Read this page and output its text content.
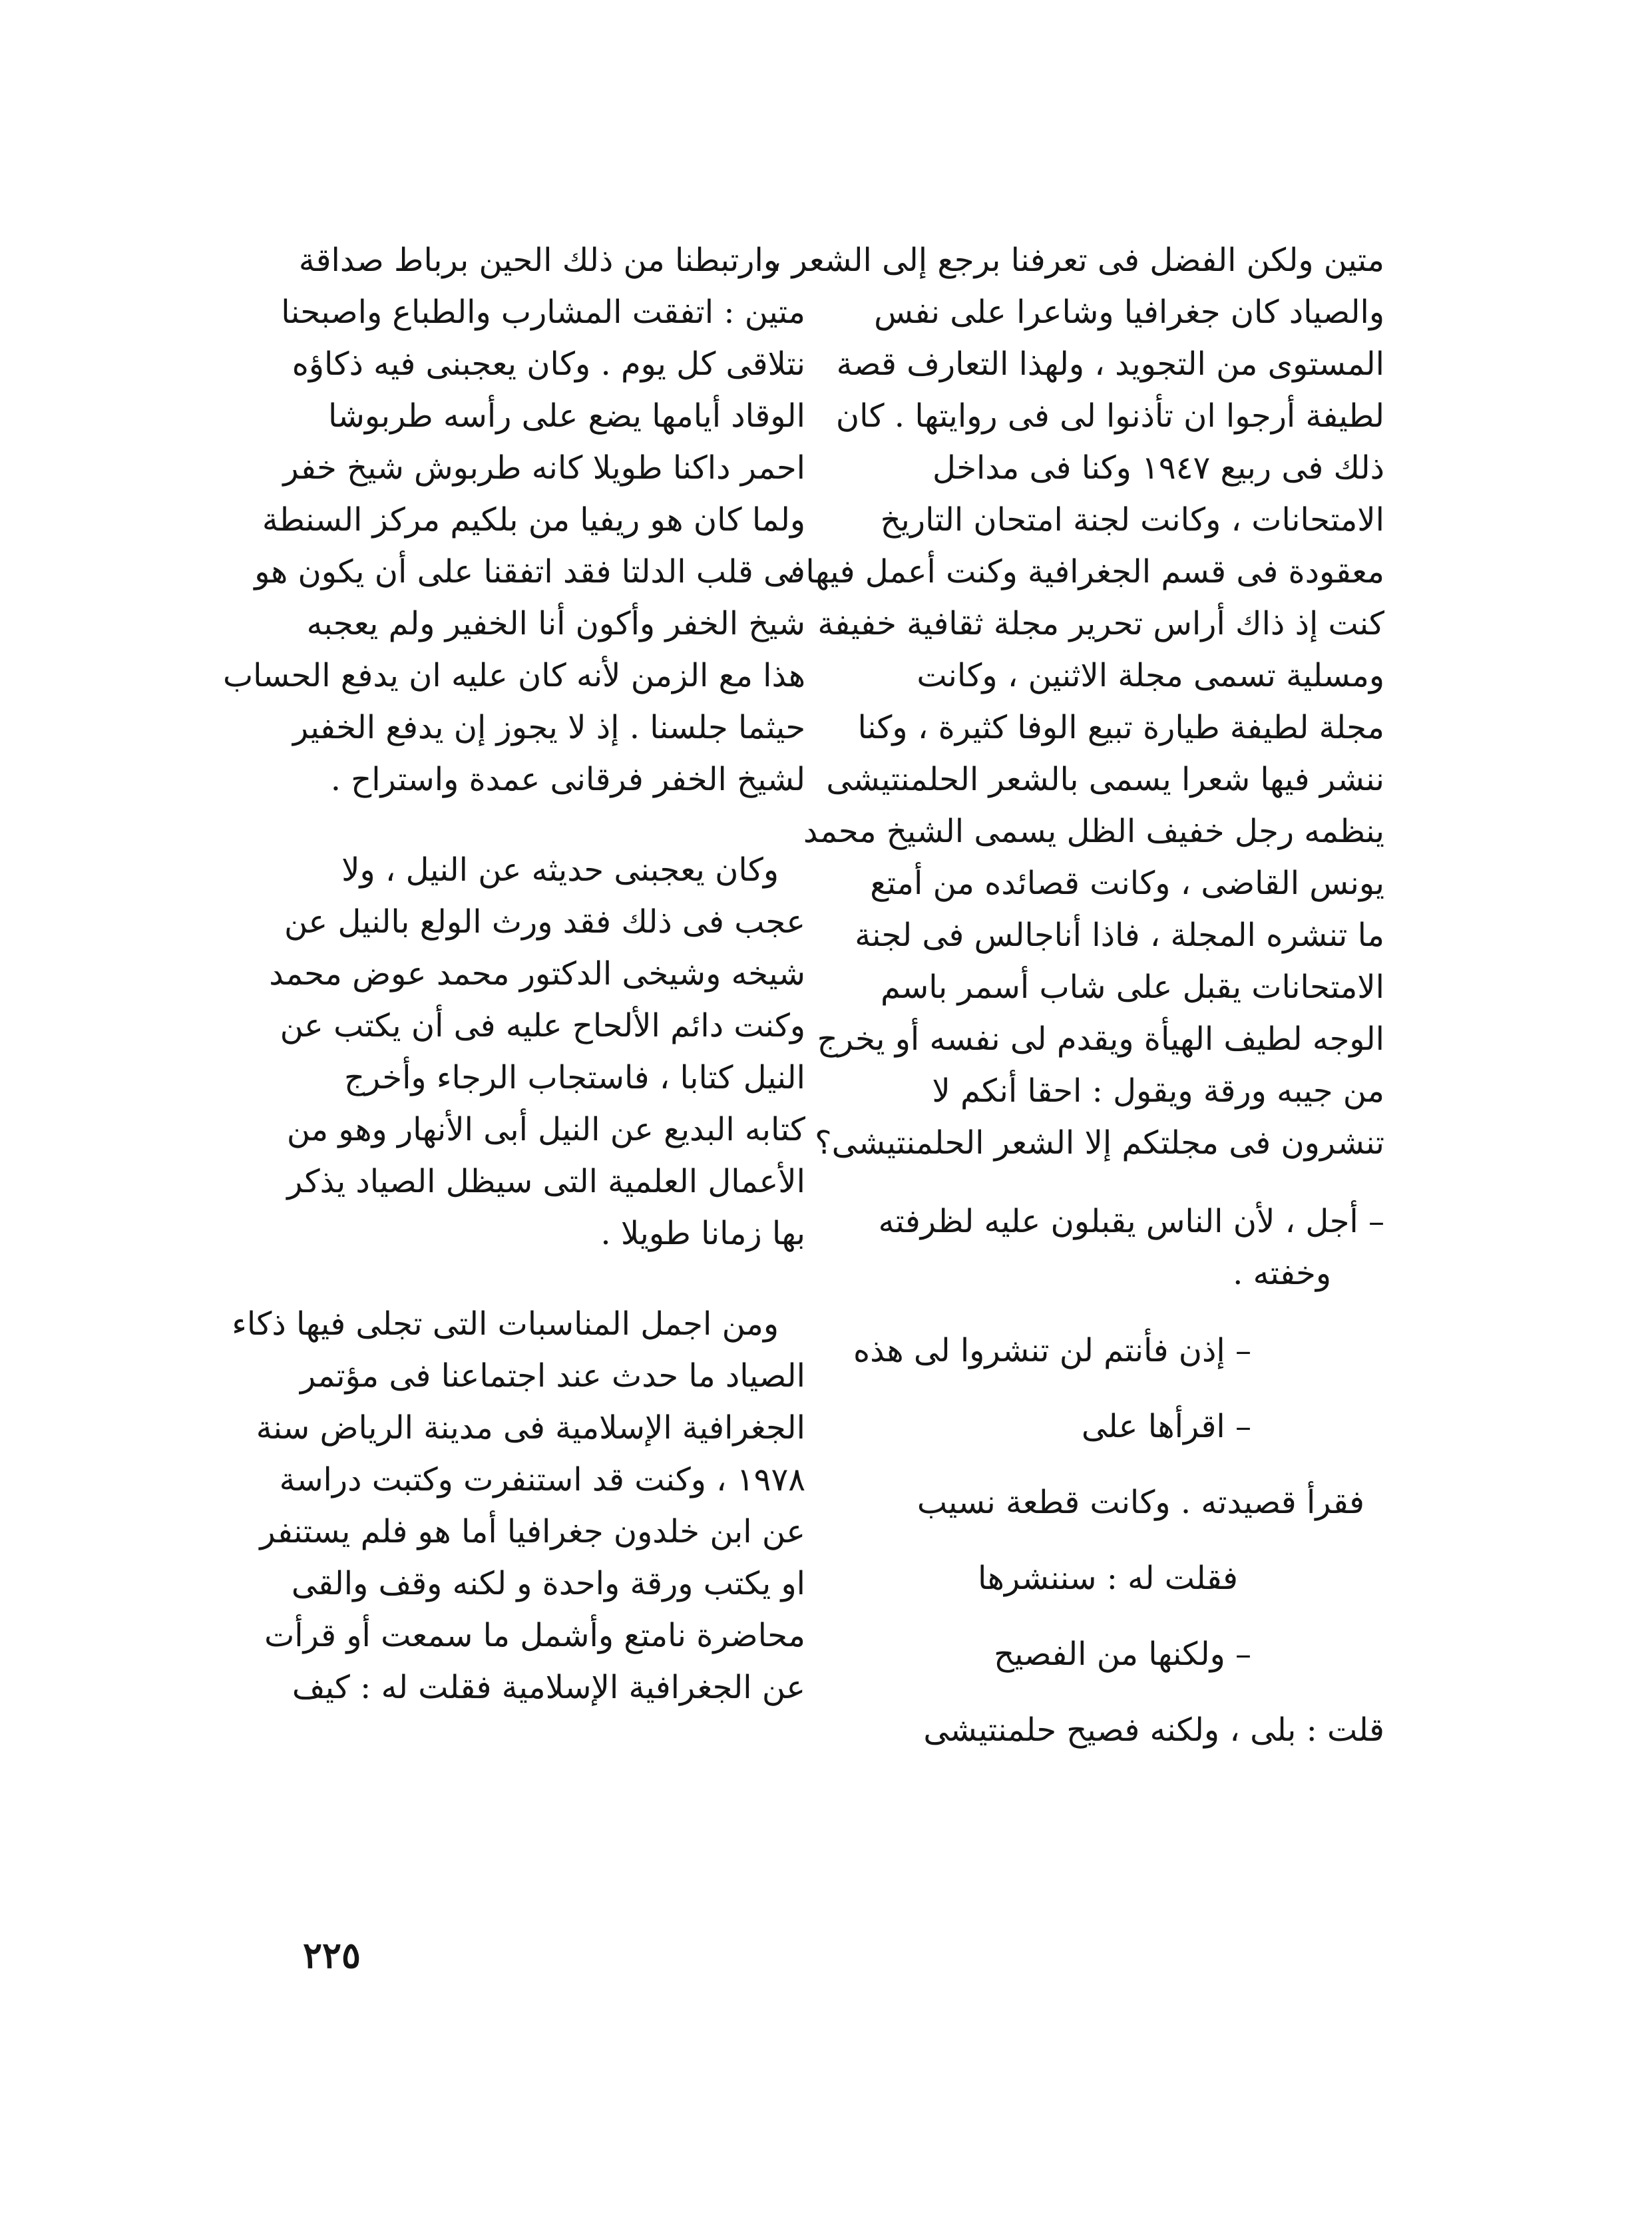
متين ولكن الفضل فى تعرفنا برجع إلى الشعر ،
والصياد كان جغرافيا وشاعرا على نفس
المستوى من التجويد ، ولهذا التعارف قصة
لطيفة أرجوا ان تأذنوا لى فى روايتها . كان
ذلك فى ربيع ١٩٤٧ وكنا فى مداخل
الامتحانات ، وكانت لجنة امتحان التاريخ
معقودة فى قسم الجغرافية وكنت أعمل فيها ،
كنت إذ ذاك أراس تحرير مجلة ثقافية خفيفة
ومسلية تسمى مجلة الاثنين ، وكانت
مجلة لطيفة طيارة تبيع الوفا كثيرة ، وكنا
ننشر فيها شعرا يسمى بالشعر الحلمنتيشى
ينظمه رجل خفيف الظل يسمى الشيخ محمد
يونس القاضى ، وكانت قصائده من أمتع
ما تنشره المجلة ، فاذا أناجالس فى لجنة
الامتحانات يقبل على شاب أسمر باسم
الوجه لطيف الهيأة ويقدم لى نفسه أو يخرج
من جيبه ورقة ويقول : احقا أنكم لا
تنشرون فى مجلتكم إلا الشعر الحلمنتيشى؟
– أجل ، لأن الناس يقبلون عليه لظرفته
وخفته .
– إذن فأنتم لن تنشروا لى هذه
– اقرأها على
فقرأ قصيدته . وكانت قطعة نسيب
فقلت له : سننشرها
– ولكنها من الفصيح
قلت : بلى ، ولكنه فصيح حلمنتيشى
وارتبطنا من ذلك الحين برباط صداقة
متين : اتفقت المشارب والطباع واصبحنا
نتلاقى كل يوم . وكان يعجبنى فيه ذكاؤه
الوقاد أيامها يضع على رأسه طربوشا
احمر داكنا طويلا كانه طربوش شيخ خفر
ولما كان هو ريفيا من بلكيم مركز السنطة
فى قلب الدلتا فقد اتفقنا على أن يكون هو
شيخ الخفر وأكون أنا الخفير ولم يعجبه
هذا مع الزمن لأنه كان عليه ان يدفع الحساب
حيثما جلسنا . إذ لا يجوز إن يدفع الخفير
لشيخ الخفر فرقانى عمدة واستراح .
وكان يعجبنى حديثه عن النيل ، ولا
عجب فى ذلك فقد ورث الولع بالنيل عن
شيخه وشيخى الدكتور محمد عوض محمد
وكنت دائم الألحاح عليه فى أن يكتب عن
النيل كتابا ، فاستجاب الرجاء وأخرج
كتابه البديع عن النيل أبى الأنهار وهو من
الأعمال العلمية التى سيظل الصياد يذكر
بها زمانا طويلا .
ومن اجمل المناسبات التى تجلى فيها ذكاء
الصياد ما حدث عند اجتماعنا فى مؤتمر
الجغرافية الإسلامية فى مدينة الرياض سنة
١٩٧٨ ، وكنت قد استنفرت وكتبت دراسة
عن ابن خلدون جغرافيا أما هو فلم يستنفر
او يكتب ورقة واحدة و لكنه وقف والقى
محاضرة نامتع وأشمل ما سمعت أو قرأت
عن الجغرافية الإسلامية فقلت له : كيف
٢٢٥
